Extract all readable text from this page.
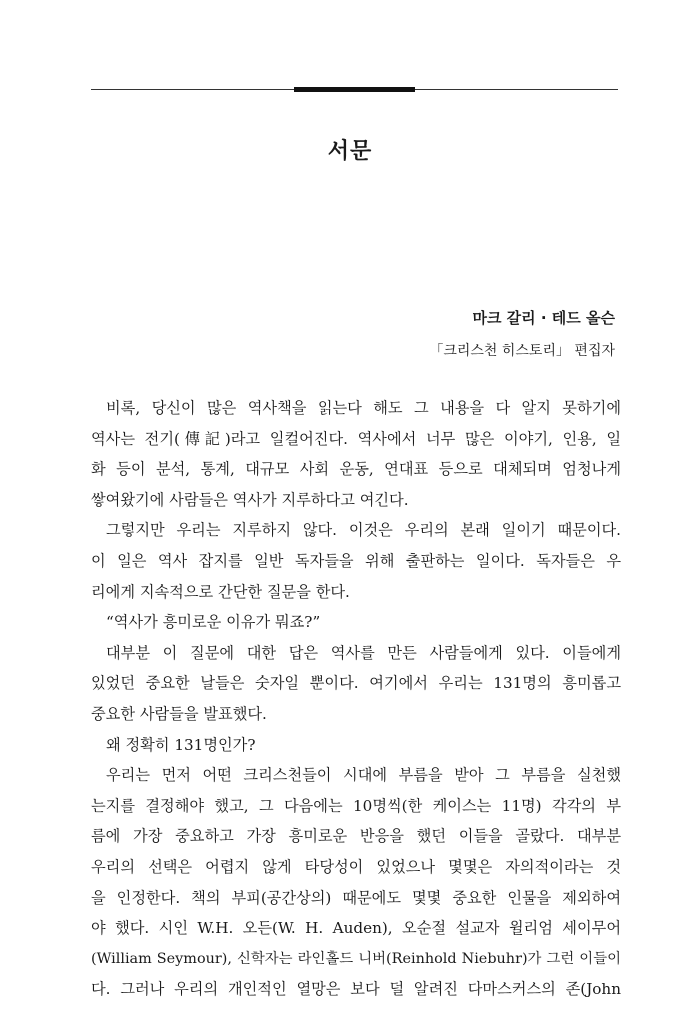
서문
마크 갈리 · 테드 올슨
「크리스천 히스토리」 편집자
비록, 당신이 많은 역사책을 읽는다 해도 그 내용을 다 알지 못하기에
역사는 전기(傳記)라고 일컬어진다. 역사에서 너무 많은 이야기, 인용, 일
화 등이 분석, 통계, 대규모 사회 운동, 연대표 등으로 대체되며 엄청나게
쌓여왔기에 사람들은 역사가 지루하다고 여긴다.
그렇지만 우리는 지루하지 않다. 이것은 우리의 본래 일이기 때문이다.
이 일은 역사 잡지를 일반 독자들을 위해 출판하는 일이다. 독자들은 우
리에게 지속적으로 간단한 질문을 한다.
“역사가 흥미로운 이유가 뭐죠?”
대부분 이 질문에 대한 답은 역사를 만든 사람들에게 있다. 이들에게
있었던 중요한 날들은 숫자일 뿐이다. 여기에서 우리는 131명의 흥미롭고
중요한 사람들을 발표했다.
왜 정확히 131명인가?
우리는 먼저 어떤 크리스천들이 시대에 부름을 받아 그 부름을 실천했
는지를 결정해야 했고, 그 다음에는 10명씩(한 케이스는 11명) 각각의 부
름에 가장 중요하고 가장 흥미로운 반응을 했던 이들을 골랐다. 대부분
우리의 선택은 어렵지 않게 타당성이 있었으나 몇몇은 자의적이라는 것
을 인정한다. 책의 부피(공간상의) 때문에도 몇몇 중요한 인물을 제외하여
야 했다. 시인 W.H. 오든(W. H. Auden), 오순절 설교자 윌리엄 세이무어
(William Seymour), 신학자는 라인홀드 니버(Reinhold Niebuhr)가 그런 이들이
다. 그러나 우리의 개인적인 열망은 보다 덜 알려진 다마스커스의 존(John
